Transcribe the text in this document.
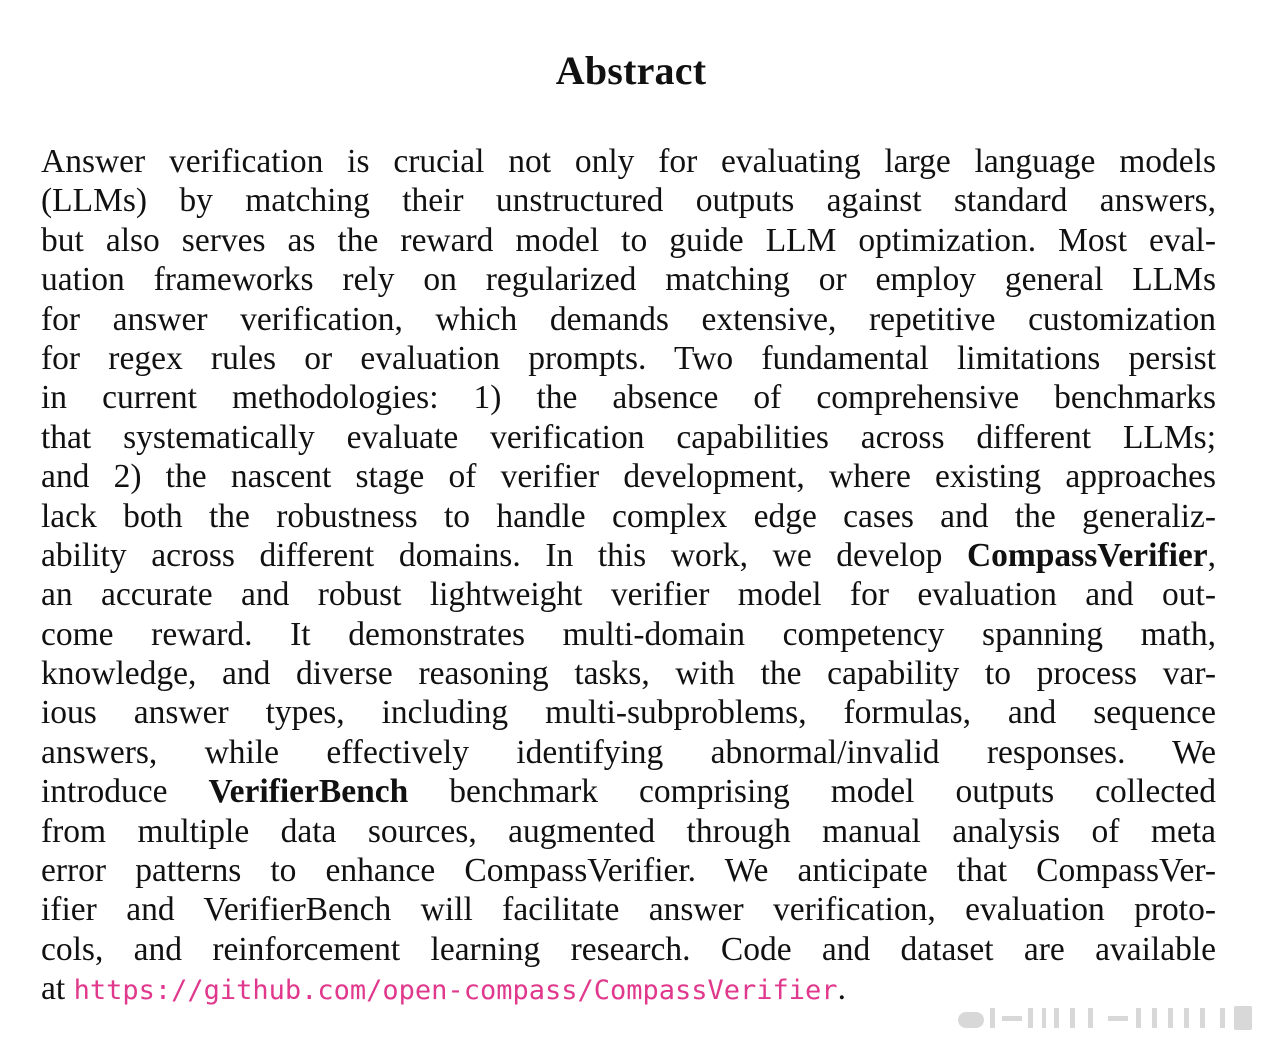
Abstract
Answer verification is crucial not only for evaluating large language models
(LLMs) by matching their unstructured outputs against standard answers,
but also serves as the reward model to guide LLM optimization. Most eval-
uation frameworks rely on regularized matching or employ general LLMs
for answer verification, which demands extensive, repetitive customization
for regex rules or evaluation prompts. Two fundamental limitations persist
in current methodologies: 1) the absence of comprehensive benchmarks
that systematically evaluate verification capabilities across different LLMs;
and 2) the nascent stage of verifier development, where existing approaches
lack both the robustness to handle complex edge cases and the generaliz-
ability across different domains. In this work, we develop CompassVerifier,
an accurate and robust lightweight verifier model for evaluation and out-
come reward. It demonstrates multi-domain competency spanning math,
knowledge, and diverse reasoning tasks, with the capability to process var-
ious answer types, including multi-subproblems, formulas, and sequence
answers, while effectively identifying abnormal/invalid responses. We
introduce VerifierBench benchmark comprising model outputs collected
from multiple data sources, augmented through manual analysis of meta
error patterns to enhance CompassVerifier. We anticipate that CompassVer-
ifier and VerifierBench will facilitate answer verification, evaluation proto-
cols, and reinforcement learning research. Code and dataset are available
at https://github.com/open-compass/CompassVerifier.
